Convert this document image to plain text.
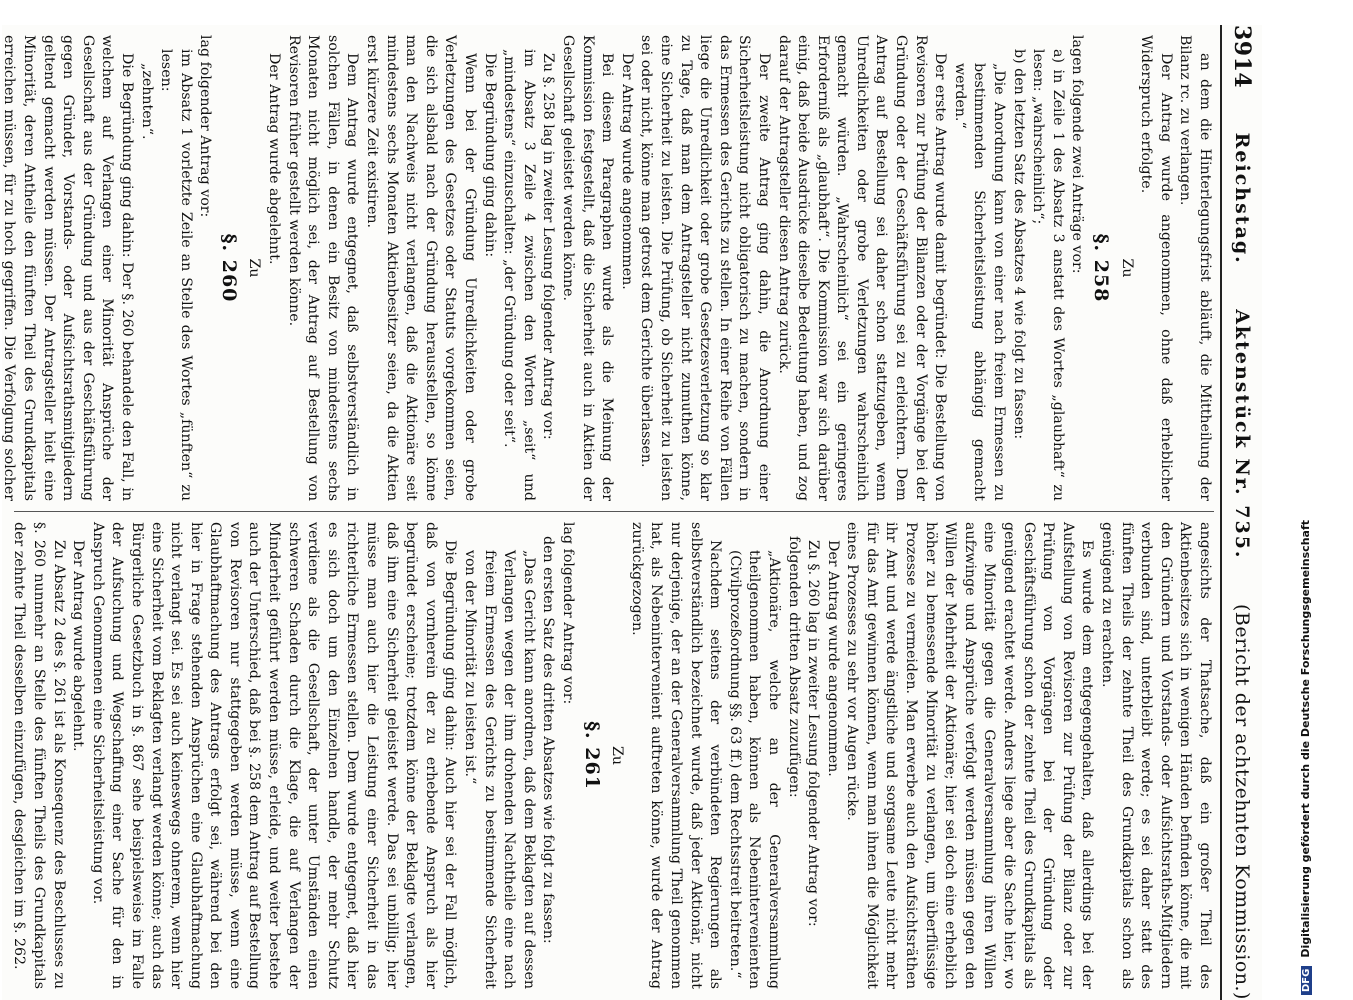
3914
Reichstag.
Aktenstück Nr. 735.
(Bericht der achtzehnten Kommission.)

an dem die Hinterlegungsfrist abläuft, die Mittheilung der Bilanz rc. zu verlangen.

Der Antrag wurde angenommen, ohne daß erheblicher Widerspruch erfolgte.

Zu

§. 258

lagen folgende zwei Anträge vor:

a) in Zeile 1 des Absatz 3 anstatt des Wortes „glaubhaft“ zu lesen: „wahrscheinlich“;

b) den letzten Satz des Absatzes 4 wie folgt zu fassen:

„Die Anordnung kann von einer nach freiem Ermessen zu bestimmenden Sicherheitsleistung abhängig gemacht werden.“

Der erste Antrag wurde damit begründet: Die Bestellung von Revisoren zur Prüfung der Bilanzen oder der Vorgänge bei der Gründung oder der Geschäftsführung sei zu erleichtern. Dem Antrag auf Bestellung sei daher schon stattzugeben, wenn Unredlichkeiten oder grobe Verletzungen wahrscheinlich gemacht würden. „Wahrscheinlich“ sei ein geringeres Erforderniß als „glaubhaft“. Die Kommission war sich darüber einig, daß beide Ausdrücke dieselbe Bedeutung haben, und zog darauf der Antragsteller diesen Antrag zurück.

Der zweite Antrag ging dahin, die Anordnung einer Sicherheitsleistung nicht obligatorisch zu machen, sondern in das Ermessen des Gerichts zu stellen. In einer Reihe von Fällen liege die Unredlichkeit oder grobe Gesetzesverletzung so klar zu Tage, daß man dem Antragsteller nicht zumuthen könne, eine Sicherheit zu leisten. Die Prüfung, ob Sicherheit zu leisten sei oder nicht, könne man getrost dem Gerichte überlassen.

Der Antrag wurde angenommen.

Bei diesem Paragraphen wurde als die Meinung der Kommission festgestellt, daß die Sicherheit auch in Aktien der Gesellschaft geleistet werden könne.

Zu §. 258 lag in zweiter Lesung folgender Antrag vor:

im Absatz 3 Zeile 4 zwischen den Worten „seit“ und „mindestens“ einzuschalten: „der Gründung oder seit“.

Die Begründung ging dahin:

Wenn bei der Gründung Unredlichkeiten oder grobe Verletzungen des Gesetzes oder Statuts vorgekommen seien, die sich alsbald nach der Gründung herausstellen, so könne man den Nachweis nicht verlangen, daß die Aktionäre seit mindestens sechs Monaten Aktienbesitzer seien, da die Aktien erst kürzere Zeit existiren.

Dem Antrag wurde entgegnet, daß selbstverständlich in solchen Fällen, in denen ein Besitz von mindestens sechs Monaten nicht möglich sei, der Antrag auf Bestellung von Revisoren früher gestellt werden könne.

Der Antrag wurde abgelehnt.

Zu

§. 260

lag folgender Antrag vor:

im Absatz 1 vorletzte Zeile an Stelle des Wortes „fünften“ zu lesen:

„zehnten“.

Die Begründung ging dahin: Der §. 260 behandele den Fall, in welchem auf Verlangen einer Minorität Ansprüche der Gesellschaft aus der Gründung und aus der Geschäftsführung gegen Gründer, Vorstands- oder Aufsichtsrathsmitgliedern geltend gemacht werden müssen. Der Antragsteller hielt eine Minorität, deren Antheile den fünften Theil des Grundkapitals erreichen müssen, für zu hoch gegriffen. Die Verfolgung solcher

angesichts der Thatsache, daß ein großer Theil des Aktienbesitzes sich in wenigen Händen befinden könne, die mit den Gründern und Vorstands- oder Aufsichtsraths-Mitgliedern verbunden sind, unterbleibt werde; es sei daher statt des fünften Theils der zehnte Theil des Grundkapitals schon als genügend zu erachten.

Es wurde dem entgegengehalten, daß allerdings bei der Aufstellung von Revisoren zur Prüfung der Bilanz oder zur Prüfung von Vorgängen bei der Gründung oder Geschäftsführung schon der zehnte Theil des Grundkapitals als genügend erachtet werde. Anders liege aber die Sache hier, wo eine Minorität gegen die Generalversammlung ihren Willen aufzwinge und Ansprüche verfolgt werden müssen gegen den Willen der Mehrheit der Aktionäre; hier sei doch eine erheblich höher zu bemessende Minorität zu verlangen, um überflüssige Prozesse zu vermeiden. Man erwerbe auch den Aufsichtsräthen ihr Amt und werde ängstliche und sorgsame Leute nicht mehr für das Amt gewinnen können, wenn man ihnen die Möglichkeit eines Prozesses zu sehr vor Augen rücke.

Der Antrag wurde angenommen.

Zu §. 260 lag in zweiter Lesung folgender Antrag vor:

folgenden dritten Absatz zuzufügen:

„Aktionäre, welche an der Generalversammlung theilgenommen haben, können als Nebenintervenienten (Civilprozeßordnung §§. 63 ff.) dem Rechtsstreit beitreten.“

Nachdem seitens der verbündeten Regierungen als selbstverständlich bezeichnet wurde, daß jeder Aktionär, nicht nur derjenige, der an der Generalversammlung Theil genommen hat, als Nebenintervenient auftreten könne, wurde der Antrag zurückgezogen.

Zu

§. 261

lag folgender Antrag vor:

den ersten Satz des dritten Absatzes wie folgt zu fassen:

„Das Gericht kann anordnen, daß dem Beklagten auf dessen Verlangen wegen der ihm drohenden Nachtheile eine nach freiem Ermessen des Gerichts zu bestimmende Sicherheit von der Minorität zu leisten ist.“

Die Begründung ging dahin: Auch hier sei der Fall möglich, daß von vornherein der zu erhebende Anspruch als hier begründet erscheine; trotzdem könne der Beklagte verlangen, daß ihm eine Sicherheit geleistet werde. Das sei unbillig; hier müsse man auch hier die Leistung einer Sicherheit in das richterliche Ermessen stellen. Dem wurde entgegnet, daß hier es sich doch um den Einzelnen handle, der mehr Schutz verdiene als die Gesellschaft, der unter Umständen einen schweren Schaden durch die Klage, die auf Verlangen der Minderheit geführt werden müsse, erleide, und weiter bestehe auch der Unterschied, daß bei §. 258 dem Antrag auf Bestellung von Revisoren nur stattgegeben werden müsse, wenn eine Glaubhaftmachung des Antrags erfolgt sei, während bei den hier in Frage stehenden Ansprüchen eine Glaubhaftmachung nicht verlangt sei. Es sei auch keineswegs ohnerem, wenn hier eine Sicherheit vom Beklagten verlangt werden könne; auch das Bürgerliche Gesetzbuch in §. 867 sehe beispielsweise im Falle der Aufsuchung und Wegschaffung einer Sache für den in Anspruch Genommenen eine Sicherheitsleistung vor.

Der Antrag wurde abgelehnt.

Zu Absatz 2 des §. 261 ist als Konsequenz des Beschlusses zu §. 260 nunmehr an Stelle des fünften Theils des Grundkapitals der zehnte Theil desselben einzufügen, desgleichen im §. 262.

DFGDigitalisierung gefördert durch die Deutsche Forschungsgemeinschaft
